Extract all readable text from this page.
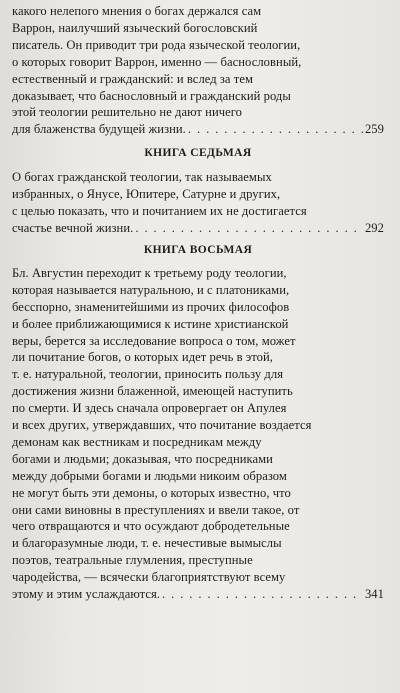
какого нелепого мнения о богах держался сам
Варрон, наилучший языческий богословский
писатель. Он приводит три рода языческой теологии,
о которых говорит Варрон, именно — баснословный,
естественный и гражданский: и вслед за тем
доказывает, что баснословный и гражданский роды
этой теологии решительно не дают ничего
для блаженства будущей жизни. . . .	259
КНИГА СЕДЬМАЯ
О богах гражданской теологии, так называемых
избранных, о Янусе, Юпитере, Сатурне и других,
с целью показать, что и почитанием их не достигается
счастье вечной жизни. . . .	292
КНИГА ВОСЬМАЯ
Бл. Августин переходит к третьему роду теологии,
которая называется натуральною, и с платониками,
бесспорно, знаменитейшими из прочих философов
и более приближающимися к истине христианской
веры, берется за исследование вопроса о том, может
ли почитание богов, о которых идет речь в этой,
т. е. натуральной, теологии, приносить пользу для
достижения жизни блаженной, имеющей наступить
по смерти. И здесь сначала опровергает он Апулея
и всех других, утверждавших, что почитание воздается
демонам как вестникам и посредникам между
богами и людьми; доказывая, что посредниками
между добрыми богами и людьми никоим образом
не могут быть эти демоны, о которых известно, что
они сами виновны в преступлениях и ввели такое, от
чего отвращаются и что осуждают добродетельные
и благоразумные люди, т. е. нечестивые вымыслы
поэтов, театральные глумления, преступные
чародейства, — всячески благоприятствуют всему
этому и этим услаждаются. . . .	341
